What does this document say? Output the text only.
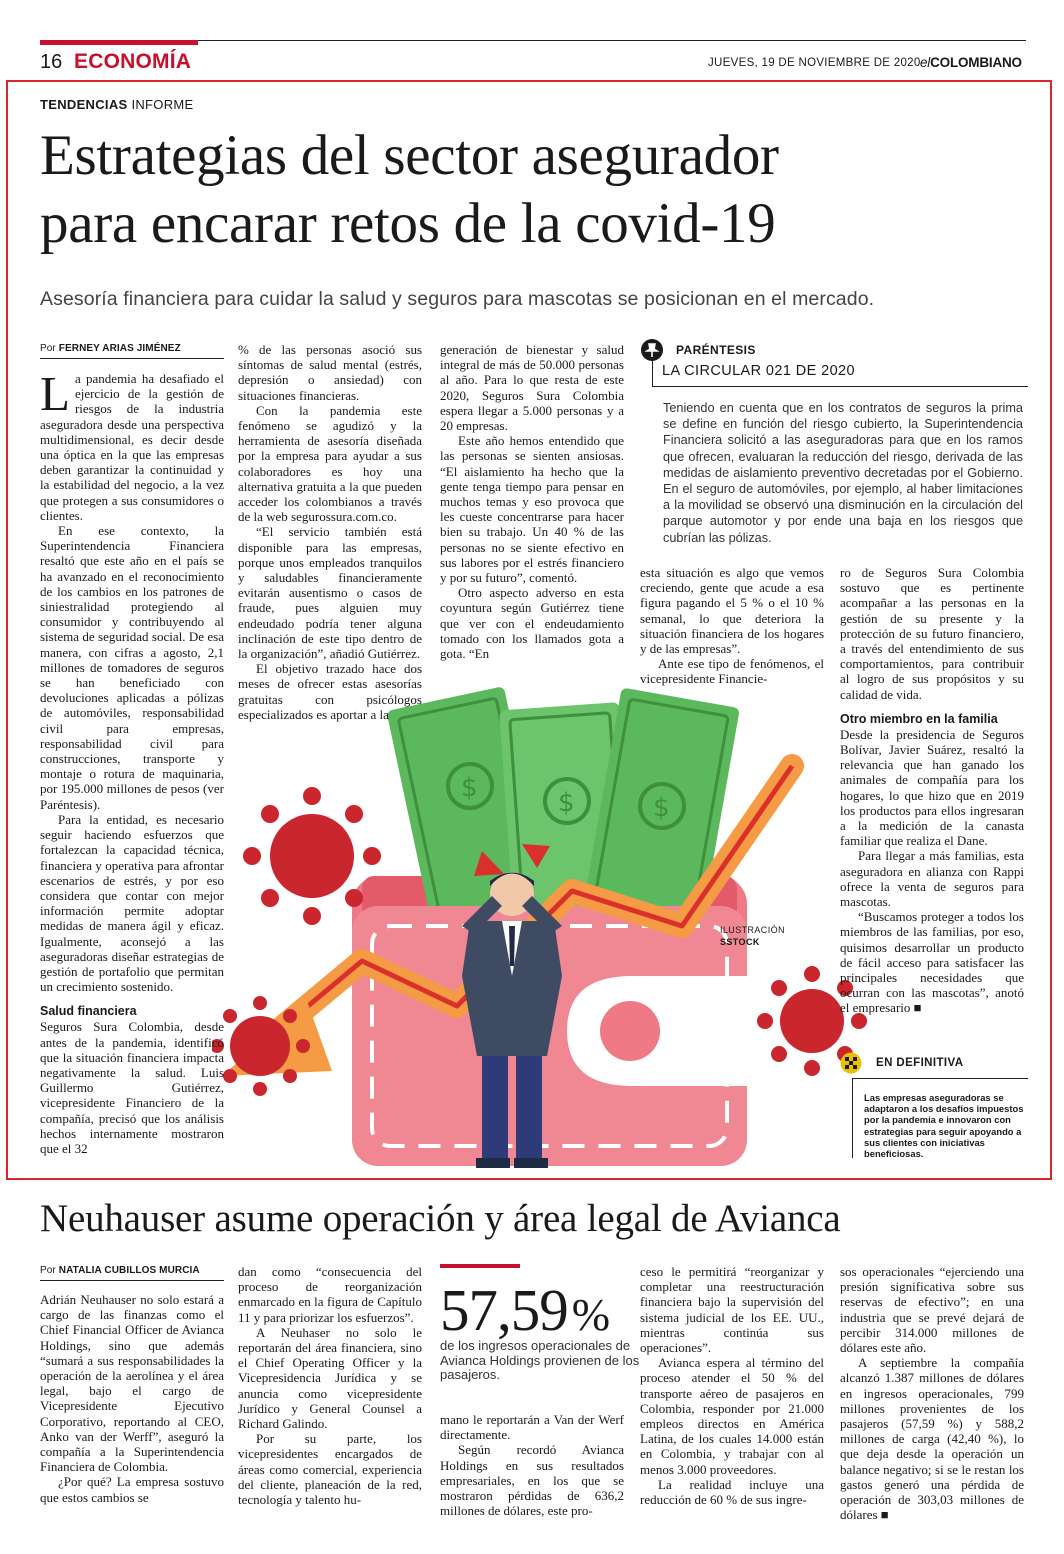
16 ECONOMÍA	JUEVES, 19 DE NOVIEMBRE DE 2020 elCOLOMBIANO
TENDENCIAS INFORME
Estrategias del sector asegurador
para encarar retos de la covid-19
Asesoría financiera para cuidar la salud y seguros para mascotas se posicionan en el mercado.
$	$	$
Por FERNEY ARIAS JIMÉNEZ

La pandemia ha desafiado el ejercicio de la gestión de riesgos de la industria aseguradora desde una perspectiva multidimensional, es decir desde una óptica en la que las empresas deben garantizar la continuidad y la estabilidad del negocio, a la vez que protegen a sus consumidores o clientes.

En ese contexto, la Superintendencia Financiera resaltó que este año en el país se ha avanzado en el reconocimiento de los cambios en los patrones de siniestralidad protegiendo al consumidor y contribuyendo al sistema de seguridad social. De esa manera, con cifras a agosto, 2,1 millones de tomadores de seguros se han beneficiado con devoluciones aplicadas a pólizas de automóviles, responsabilidad civil para empresas, responsabilidad civil para construcciones, transporte y montaje o rotura de maquinaria, por 195.000 millones de pesos (ver Paréntesis).

Para la entidad, es necesario seguir haciendo esfuerzos que fortalezcan la capacidad técnica, financiera y operativa para afrontar escenarios de estrés, y por eso considera que contar con mejor información permite adoptar medidas de manera ágil y eficaz. Igualmente, aconsejó a las aseguradoras diseñar estrategias de gestión de portafolio que permitan un crecimiento sostenido.

Salud financiera

Seguros Sura Colombia, desde antes de la pandemia, identificó que la situación financiera impacta negativamente la salud. Luis Guillermo Gutiérrez, vicepresidente Financiero de la compañía, precisó que los análisis hechos internamente mostraron que el 32

% de las personas asoció sus síntomas de salud mental (estrés, depresión o ansiedad) con situaciones financieras.

Con la pandemia este fenómeno se agudizó y la herramienta de asesoría diseñada por la empresa para ayudar a sus colaboradores es hoy una alternativa gratuita a la que pueden acceder los colombianos a través de la web segurossura.com.co.

“El servicio también está disponible para las empresas, porque unos empleados tranquilos y saludables financieramente evitarán ausentismo o casos de fraude, pues alguien muy endeudado podría tener alguna inclinación de este tipo dentro de la organización”, añadió Gutiérrez.

El objetivo trazado hace dos meses de ofrecer estas asesorías gratuitas con psicólogos especializados es aportar a la

generación de bienestar y salud integral de más de 50.000 personas al año. Para lo que resta de este 2020, Seguros Sura Colombia espera llegar a 5.000 personas y a 20 empresas.

Este año hemos entendido que las personas se sienten ansiosas. “El aislamiento ha hecho que la gente tenga tiempo para pensar en muchos temas y eso provoca que les cueste concentrarse para hacer bien su trabajo. Un 40 % de las personas no se siente efectivo en sus labores por el estrés financiero y por su futuro”, comentó.

Otro aspecto adverso en esta coyuntura según Gutiérrez tiene que ver con el endeudamiento tomado con los llamados gota a gota. “En

PARÉNTESIS
LA CIRCULAR 021 DE 2020
Teniendo en cuenta que en los contratos de seguros la prima se define en función del riesgo cubierto, la Superintendencia Financiera solicitó a las aseguradoras para que en los ramos que ofrecen, evaluaran la reducción del riesgo, derivada de las medidas de aislamiento preventivo decretadas por el Gobierno. En el seguro de automóviles, por ejemplo, al haber limitaciones a la movilidad se observó una disminución en la circulación del parque automotor y por ende una baja en los riesgos que cubrían las pólizas.

esta situación es algo que vemos creciendo, gente que acude a esa figura pagando el 5 % o el 10 % semanal, lo que deteriora la situación financiera de los hogares y de las empresas”.

Ante ese tipo de fenómenos, el vicepresidente Financie-

ro de Seguros Sura Colombia sostuvo que es pertinente acompañar a las personas en la gestión de su presente y la protección de su futuro financiero, a través del entendimiento de sus comportamientos, para contribuir al logro de sus propósitos y su calidad de vida.

Otro miembro en la familia

Desde la presidencia de Seguros Bolívar, Javier Suárez, resaltó la relevancia que han ganado los animales de compañía para los hogares, lo que hizo que en 2019 los productos para ellos ingresaran a la medición de la canasta familiar que realiza el Dane.

Para llegar a más familias, esta aseguradora en alianza con Rappi ofrece la venta de seguros para mascotas.

“Buscamos proteger a todos los miembros de las familias, por eso, quisimos desarrollar un producto de fácil acceso para satisfacer las principales necesidades que ocurran con las mascotas”, anotó el empresario ■

ILUSTRACIÓN
SSTOCK
EN DEFINITIVA
Las empresas aseguradoras se adaptaron a los desafíos impuestos por la pandemia e innovaron con estrategias para seguir apoyando a sus clientes con iniciativas beneficiosas.
Neuhauser asume operación y área legal de Avianca
Por NATALIA CUBILLOS MURCIA

Adrián Neuhauser no solo estará a cargo de las finanzas como el Chief Financial Officer de Avianca Holdings, sino que además “sumará a sus responsabilidades la operación de la aerolínea y el área legal, bajo el cargo de Vicepresidente Ejecutivo Corporativo, reportando al CEO, Anko van der Werff”, aseguró la compañía a la Superintendencia Financiera de Colombia.

¿Por qué? La empresa sostuvo que estos cambios se

dan como “consecuencia del proceso de reorganización enmarcado en la figura de Capítulo 11 y para priorizar los esfuerzos”.

A Neuhaser no solo le reportarán del área financiera, sino el Chief Operating Officer y la Vicepresidencia Jurídica y se anuncia como vicepresidente Jurídico y General Counsel a Richard Galindo.

Por su parte, los vicepresidentes encargados de áreas como comercial, experiencia del cliente, planeación de la red, tecnología y talento hu-

57,59%
de los ingresos operacionales de Avianca Holdings provienen de los pasajeros.

mano le reportarán a Van der Werf directamente.

Según recordó Avianca Holdings en sus resultados empresariales, en los que se mostraron pérdidas de 636,2 millones de dólares, este pro-

ceso le permitirá “reorganizar y completar una reestructuración financiera bajo la supervisión del sistema judicial de los EE. UU., mientras continúa sus operaciones”.

Avianca espera al término del proceso atender el 50 % del transporte aéreo de pasajeros en Colombia, responder por 21.000 empleos directos en América Latina, de los cuales 14.000 están en Colombia, y trabajar con al menos 3.000 proveedores.

La realidad incluye una reducción de 60 % de sus ingre-

sos operacionales “ejerciendo una presión significativa sobre sus reservas de efectivo”; en una industria que se prevé dejará de percibir 314.000 millones de dólares este año.

A septiembre la compañía alcanzó 1.387 millones de dólares en ingresos operacionales, 799 millones provenientes de los pasajeros (57,59 %) y 588,2 millones de carga (42,40 %), lo que deja desde la operación un balance negativo; si se le restan los gastos generó una pérdida de operación de 303,03 millones de dólares ■
